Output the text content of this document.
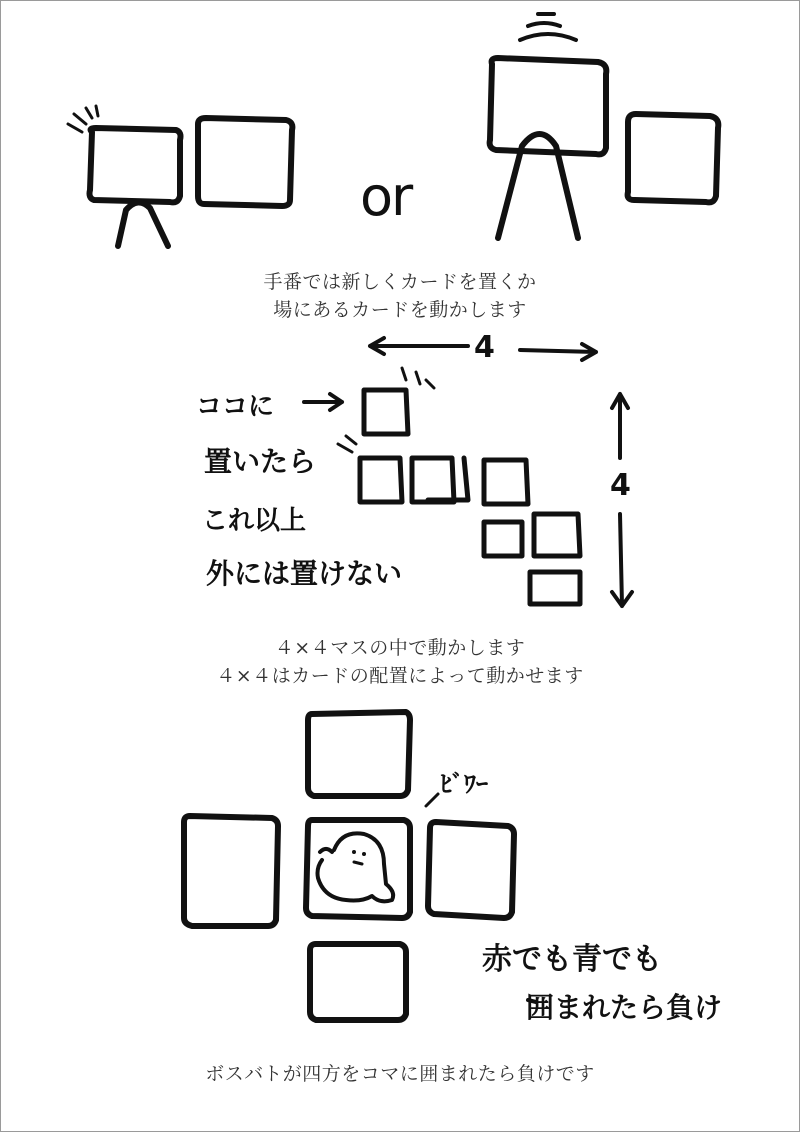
or
手番では新しくカードを置くか
場にあるカードを動かします
4
4
ココに
置いたら
これ以上
外には置けない
４×４マスの中で動かします
４×４はカードの配置によって動かせます
ﾋﾞﾜｰ
赤でも青でも
囲まれたら負け
ボスバトが四方をコマに囲まれたら負けです
